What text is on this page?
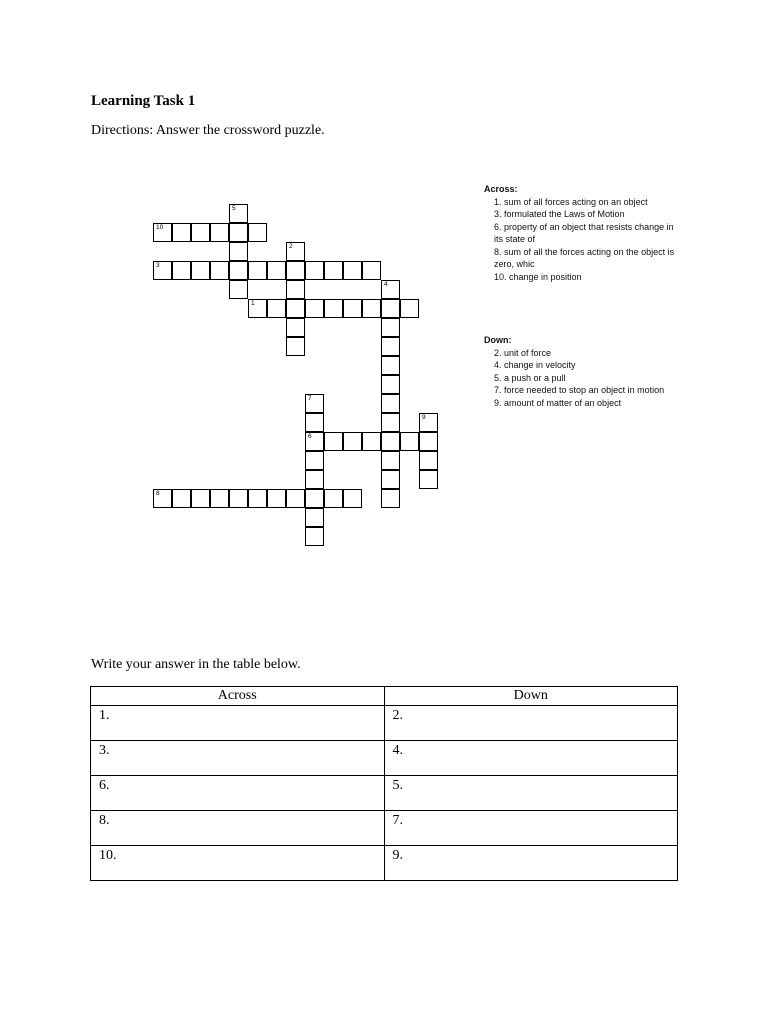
Learning Task 1
Directions: Answer the crossword puzzle.
10
3
1
6
8
5
2
4
7
9
Across:
1. sum of all forces acting on an object
3. formulated the Laws of Motion
6. property of an object that resists change in its state of
8. sum of all the forces acting on the object is zero, whic
10. change in position
Down:
2. unit of force
4. change in velocity
5. a push or a pull
7. force needed to stop an object in motion
9. amount of matter of an object
Write your answer in the table below.
Across	Down
1.	2.
3.	4.
6.	5.
8.	7.
10.	9.
